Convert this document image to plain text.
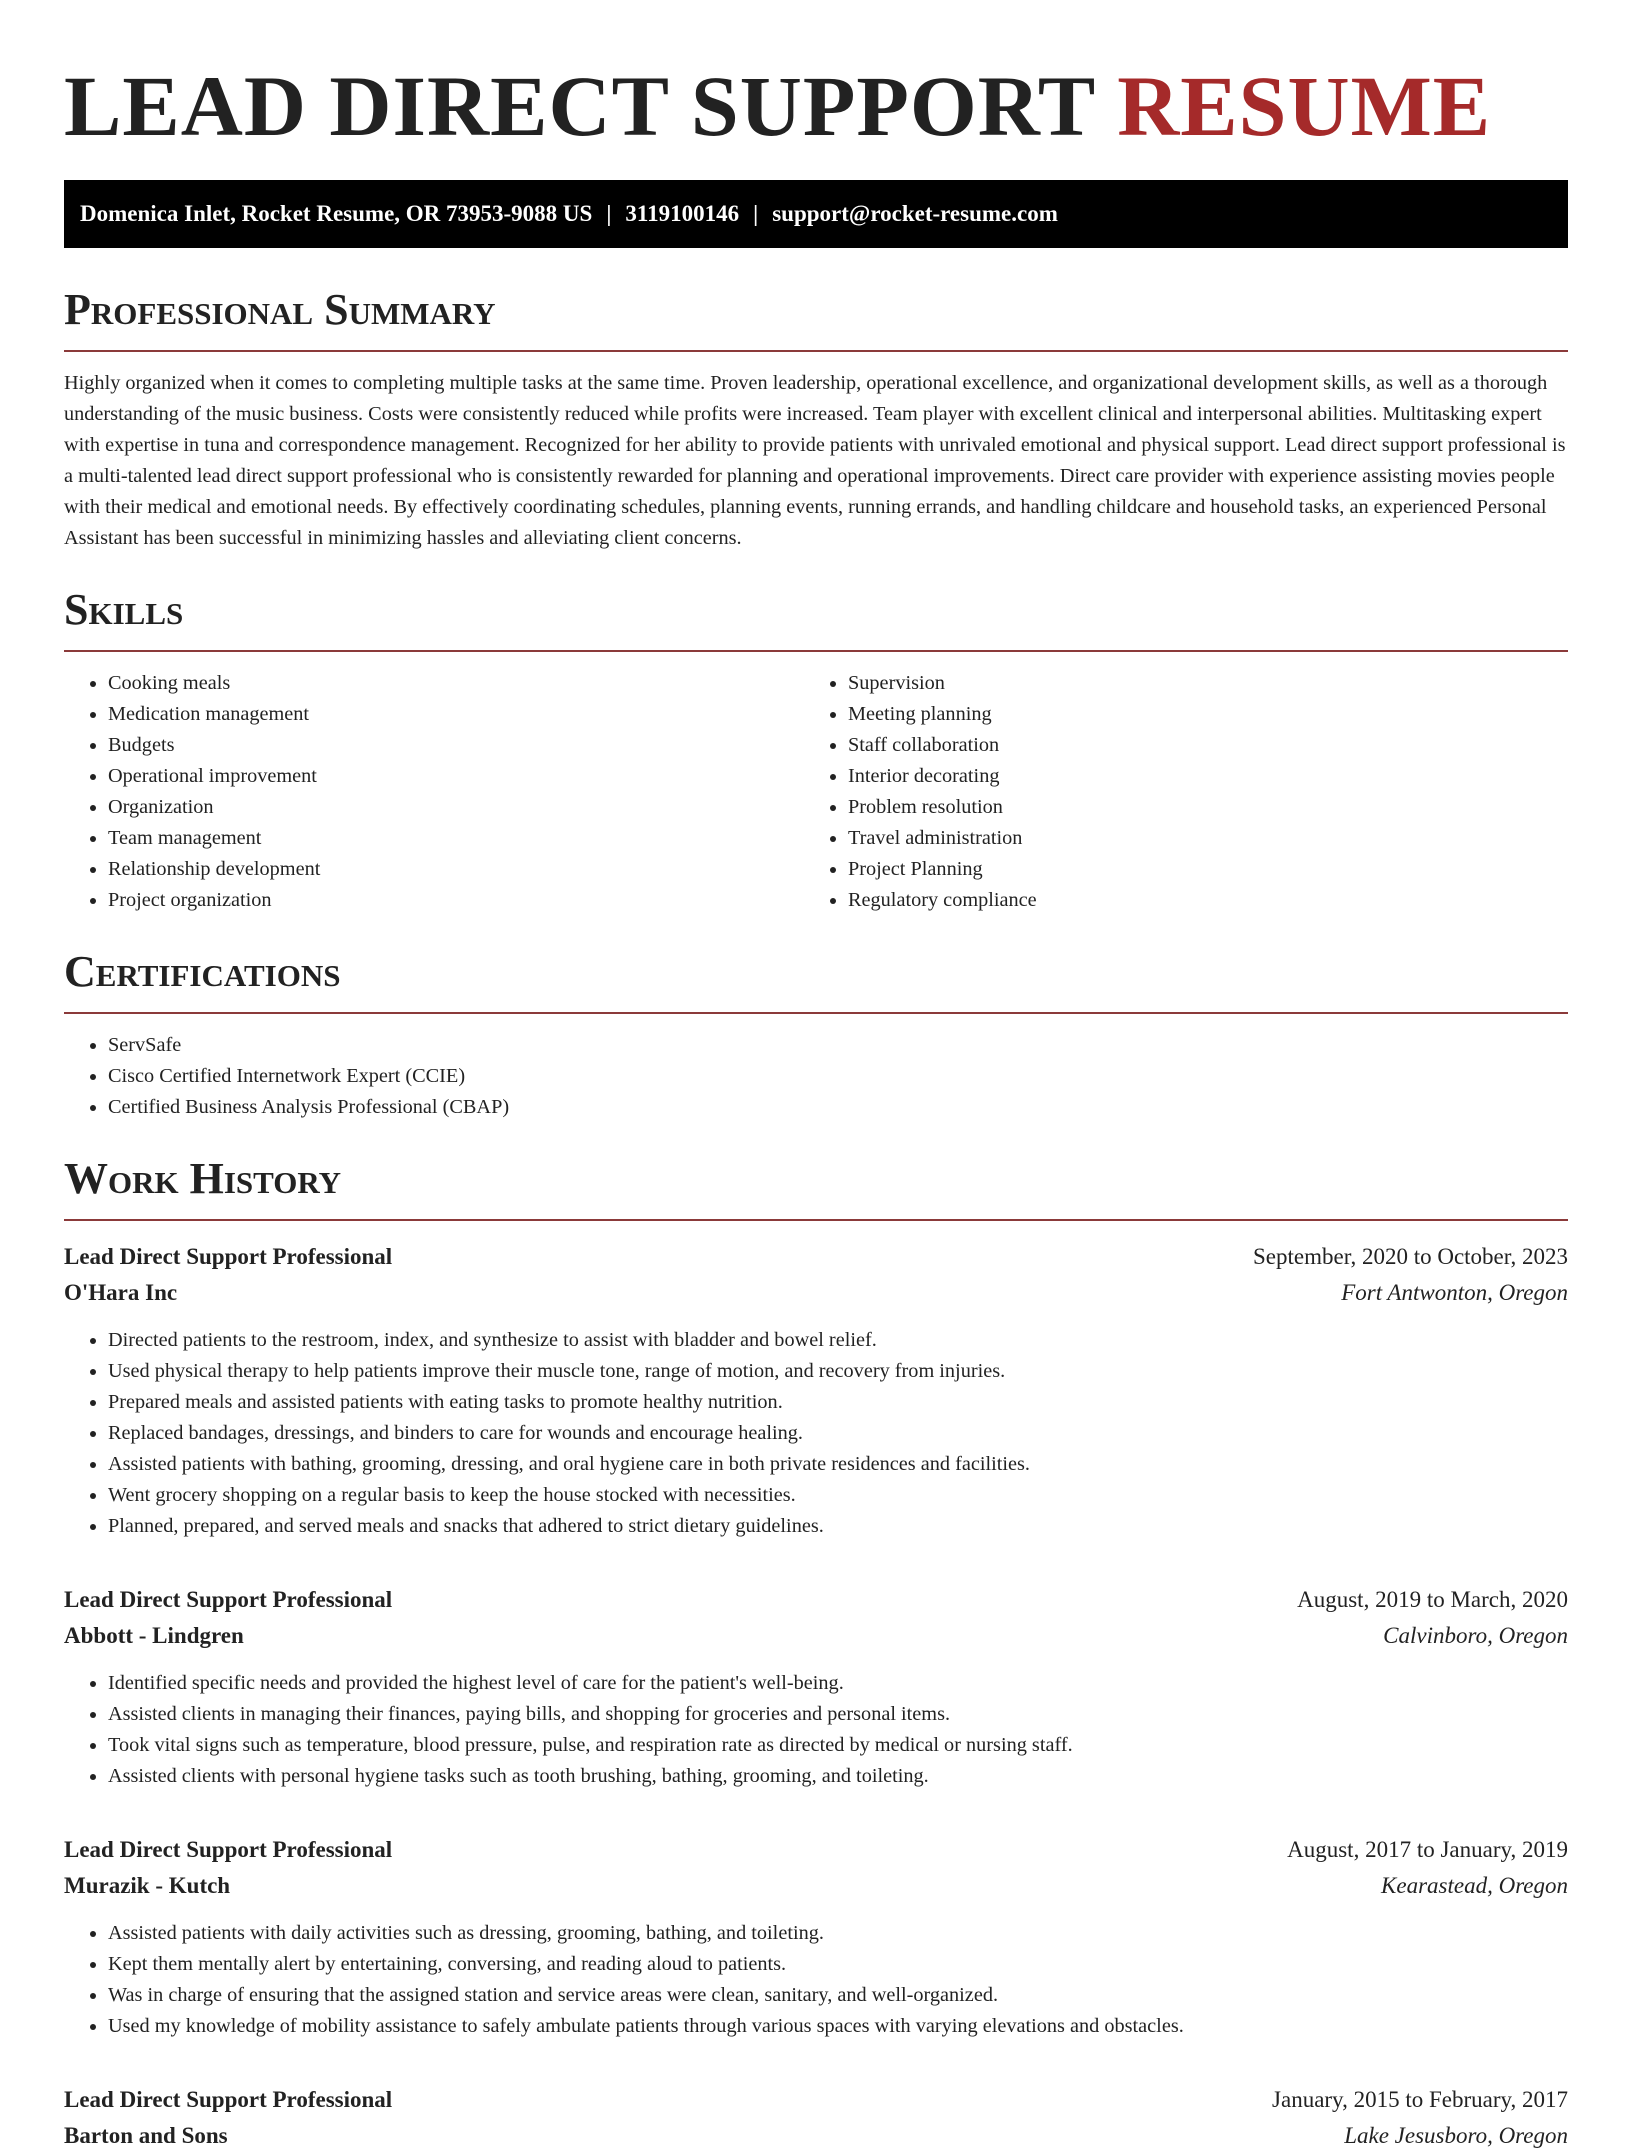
LEAD DIRECT SUPPORT RESUME
Domenica Inlet, Rocket Resume, OR 73953-9088 US | 3119100146 | support@rocket-resume.com
Professional Summary

Highly organized when it comes to completing multiple tasks at the same time. Proven leadership, operational excellence, and organizational development skills, as well as a thorough understanding of the music business. Costs were consistently reduced while profits were increased. Team player with excellent clinical and interpersonal abilities. Multitasking expert with expertise in tuna and correspondence management. Recognized for her ability to provide patients with unrivaled emotional and physical support. Lead direct support professional is a multi-talented lead direct support professional who is consistently rewarded for planning and operational improvements. Direct care provider with experience assisting movies people with their medical and emotional needs. By effectively coordinating schedules, planning events, running errands, and handling childcare and household tasks, an experienced Personal Assistant has been successful in minimizing hassles and alleviating client concerns.

Skills
• Cooking meals
• Medication management
• Budgets
• Operational improvement
• Organization
• Team management
• Relationship development
• Project organization
• Supervision
• Meeting planning
• Staff collaboration
• Interior decorating
• Problem resolution
• Travel administration
• Project Planning
• Regulatory compliance
Certifications
• ServSafe
• Cisco Certified Internetwork Expert (CCIE)
• Certified Business Analysis Professional (CBAP)
Work History
Lead Direct Support Professional	September, 2020 to October, 2023
O'Hara Inc	Fort Antwonton, Oregon
• Directed patients to the restroom, index, and synthesize to assist with bladder and bowel relief.
• Used physical therapy to help patients improve their muscle tone, range of motion, and recovery from injuries.
• Prepared meals and assisted patients with eating tasks to promote healthy nutrition.
• Replaced bandages, dressings, and binders to care for wounds and encourage healing.
• Assisted patients with bathing, grooming, dressing, and oral hygiene care in both private residences and facilities.
• Went grocery shopping on a regular basis to keep the house stocked with necessities.
• Planned, prepared, and served meals and snacks that adhered to strict dietary guidelines.
Lead Direct Support Professional	August, 2019 to March, 2020
Abbott - Lindgren	Calvinboro, Oregon
• Identified specific needs and provided the highest level of care for the patient's well-being.
• Assisted clients in managing their finances, paying bills, and shopping for groceries and personal items.
• Took vital signs such as temperature, blood pressure, pulse, and respiration rate as directed by medical or nursing staff.
• Assisted clients with personal hygiene tasks such as tooth brushing, bathing, grooming, and toileting.
Lead Direct Support Professional	August, 2017 to January, 2019
Murazik - Kutch	Kearastead, Oregon
• Assisted patients with daily activities such as dressing, grooming, bathing, and toileting.
• Kept them mentally alert by entertaining, conversing, and reading aloud to patients.
• Was in charge of ensuring that the assigned station and service areas were clean, sanitary, and well-organized.
• Used my knowledge of mobility assistance to safely ambulate patients through various spaces with varying elevations and obstacles.
Lead Direct Support Professional	January, 2015 to February, 2017
Barton and Sons	Lake Jesusboro, Oregon
